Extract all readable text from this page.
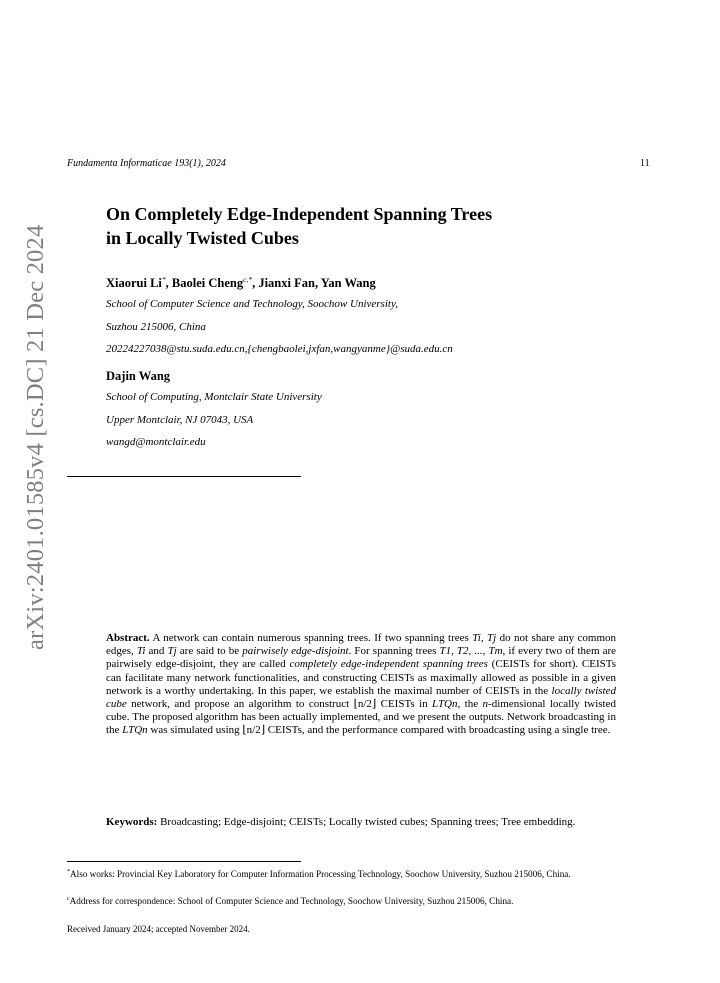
Fundamenta Informaticae 193(1), 2024	11
arXiv:2401.01585v4 [cs.DC] 21 Dec 2024
On Completely Edge-Independent Spanning Trees
in Locally Twisted Cubes
Xiaorui Li*, Baolei Cheng$^{c,*}$, Jianxi Fan, Yan Wang
School of Computer Science and Technology, Soochow University,
Suzhou 215006, China
20224227038@stu.suda.edu.cn,{chengbaolei,jxfan,wangyanme}@suda.edu.cn
Dajin Wang
School of Computing, Montclair State University
Upper Montclair, NJ 07043, USA
wangd@montclair.edu
Abstract. A network can contain numerous spanning trees. If two spanning trees Ti, Tj do not share any common edges, Ti and Tj are said to be pairwisely edge-disjoint. For spanning trees T1, T2, ..., Tm, if every two of them are pairwisely edge-disjoint, they are called completely edge-independent spanning trees (CEISTs for short). CEISTs can facilitate many network functionalities, and constructing CEISTs as maximally allowed as possible in a given network is a worthy undertaking. In this paper, we establish the maximal number of CEISTs in the locally twisted cube network, and propose an algorithm to construct ⌊n/2⌋ CEISTs in LTQn, the n-dimensional locally twisted cube. The proposed algorithm has been actually implemented, and we present the outputs. Network broadcasting in the LTQn was simulated using ⌊n/2⌋ CEISTs, and the performance compared with broadcasting using a single tree.
Keywords: Broadcasting; Edge-disjoint; CEISTs; Locally twisted cubes; Spanning trees; Tree embedding.
*Also works: Provincial Key Laboratory for Computer Information Processing Technology, Soochow University, Suzhou 215006, China.
$^c$Address for correspondence: School of Computer Science and Technology, Soochow University, Suzhou 215006, China.
Received January 2024; accepted November 2024.
